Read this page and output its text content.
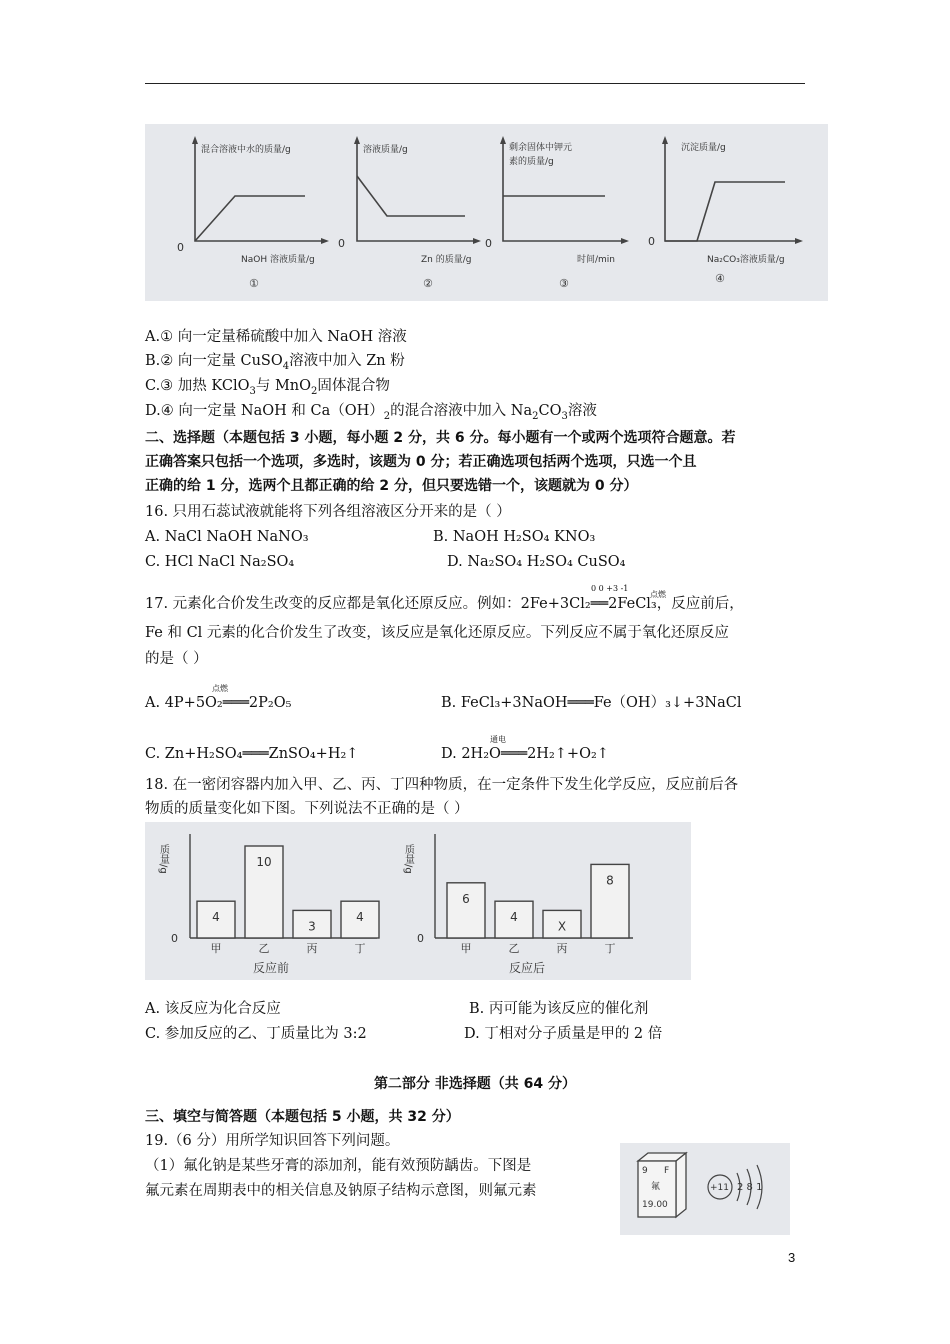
混合溶液中水的质量/g
NaOH 溶液质量/g
0
①
溶液质量/g
Zn 的质量/g
0
②
剩余固体中钾元
素的质量/g
时间/min
0
③
沉淀质量/g
Na₂CO₃溶液质量/g
0
④
A.① 向一定量稀硫酸中加入 NaOH 溶液
B.② 向一定量 CuSO$_4$溶液中加入 Zn 粉
C.③ 加热 KClO$_3$与 MnO$_2$固体混合物
D.④ 向一定量 NaOH 和 $Ca(OH)_2$的混合溶液中加入 $Na_2CO_3$溶液
二、选择题（本题包括 3 小题，每小题 2 分，共 6 分。每小题有一个或两个选项符合题意。若
正确答案只包括一个选项，多选时，该题为 0 分；若正确选项包括两个选项，只选一个且
正确的给 1 分，选两个且都正确的给 2 分，但只要选错一个，该题就为 0 分）
16. 只用石蕊试液就能将下列各组溶液区分开来的是（ ）
A. NaCl NaOH NaNO₃	B. NaOH H₂SO₄ KNO₃
C. HCl NaCl Na₂SO₄	D. Na₂SO₄ H₂SO₄ CuSO₄
0 0 +3 -1
点燃
17. 元素化合价发生改变的反应都是氧化还原反应。例如：2Fe+3Cl₂══2FeCl₃，反应前后，
Fe 和 Cl 元素的化合价发生了改变，该反应是氧化还原反应。下列反应不属于氧化还原反应
的是（ ）
点燃
A. 4P+5O₂═══2P₂O₅	B. FeCl₃+3NaOH═══Fe（OH）₃↓+3NaCl
通电
C. Zn+H₂SO₄═══ZnSO₄+H₂↑	D. 2H₂O═══2H₂↑+O₂↑
18. 在一密闭容器内加入甲、乙、丙、丁四种物质，在一定条件下发生化学反应，反应前后各
物质的质量变化如下图。下列说法不正确的是（ ）
4
甲
10
乙
3
丙
4
丁
6
甲
4
乙
X
丙
8
丁
质量/g
0
反应前
质量/g
0
反应后
A. 该反应为化合反应	B. 丙可能为该反应的催化剂
C. 参加反应的乙、丁质量比为 3:2	D. 丁相对分子质量是甲的 2 倍
第二部分 非选择题（共 64 分）
三、填空与简答题（本题包括 5 小题，共 32 分）
19.（6 分）用所学知识回答下列问题。
（1）氟化钠是某些牙膏的添加剂，能有效预防龋齿。下图是
氟元素在周期表中的相关信息及钠原子结构示意图，则氟元素
9 F
氟
19.00
+11 2 8 1
3
